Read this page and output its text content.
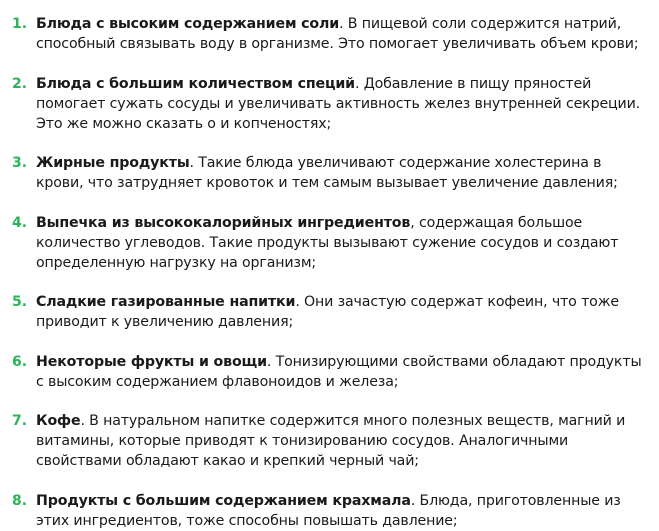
1. Блюда с высоким содержанием соли. В пищевой соли содержится натрий, способный связывать воду в организме. Это помогает увеличивать объем крови;
2. Блюда с большим количеством специй. Добавление в пищу пряностей помогает сужать сосуды и увеличивать активность желез внутренней секреции. Это же можно сказать о и копченостях;
3. Жирные продукты. Такие блюда увеличивают содержание холестерина в крови, что затрудняет кровоток и тем самым вызывает увеличение давления;
4. Выпечка из высококалорийных ингредиентов, содержащая большое количество углеводов. Такие продукты вызывают сужение сосудов и создают определенную нагрузку на организм;
5. Сладкие газированные напитки. Они зачастую содержат кофеин, что тоже приводит к увеличению давления;
6. Некоторые фрукты и овощи. Тонизирующими свойствами обладают продукты с высоким содержанием флавоноидов и железа;
7. Кофе. В натуральном напитке содержится много полезных веществ, магний и витамины, которые приводят к тонизированию сосудов. Аналогичными свойствами обладают какао и крепкий черный чай;
8. Продукты с большим содержанием крахмала. Блюда, приготовленные из этих ингредиентов, тоже способны повышать давление;
